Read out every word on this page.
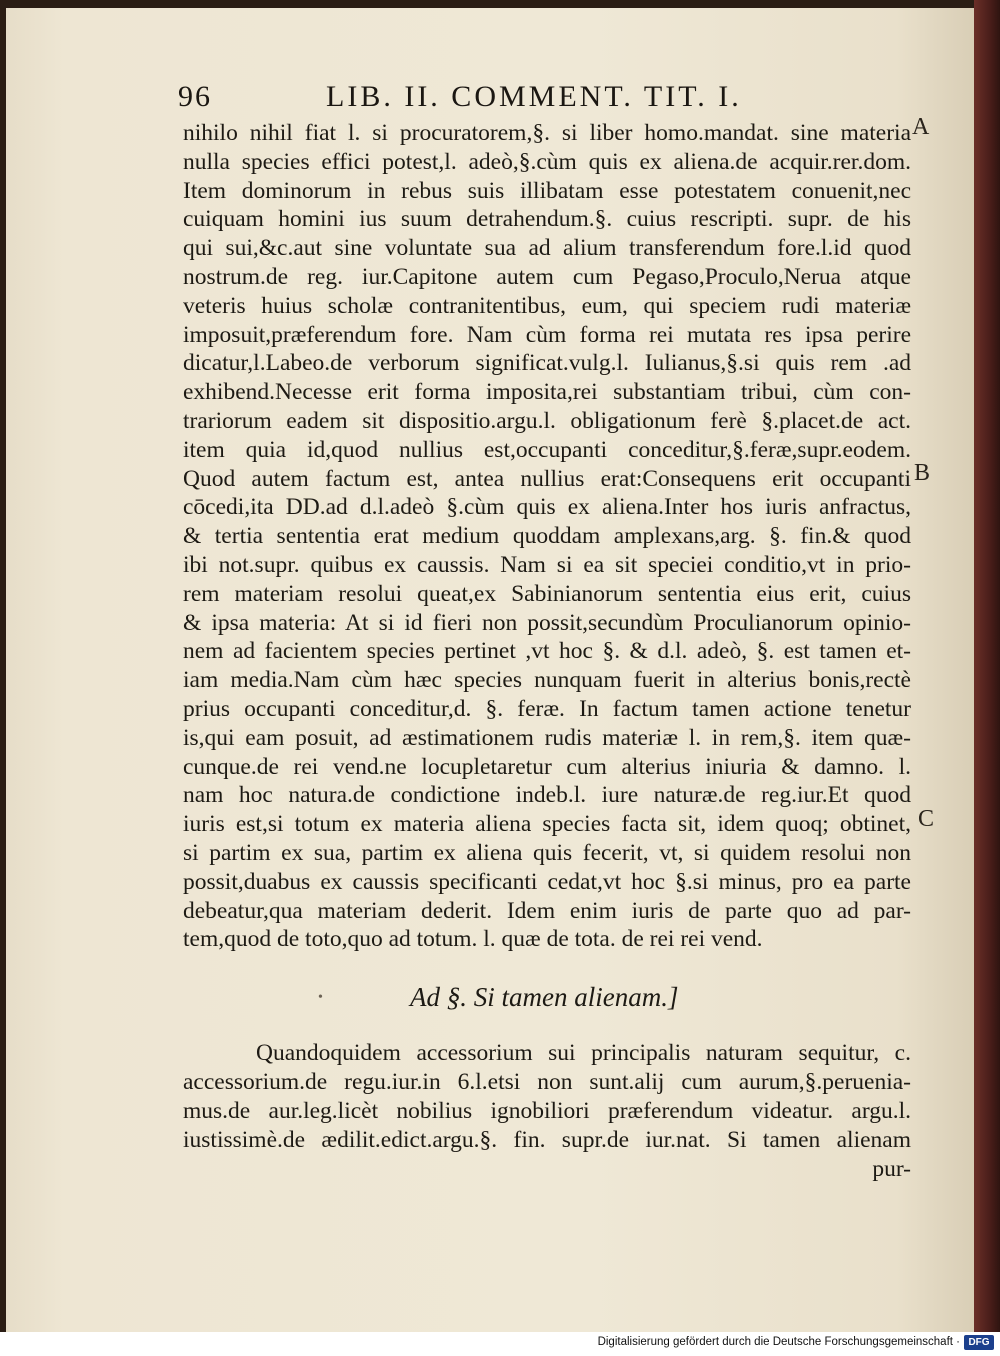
96	LIB. II. COMMENT. TIT. I.
nihilo nihil fiat l. si procuratorem,§. si liber homo.mandat. sine materia
nulla species effici potest,l. adeò,§.cùm quis ex aliena.de acquir.rer.dom.
Item dominorum in rebus suis illibatam esse potestatem conuenit,nec
cuiquam homini ius suum detrahendum.§. cuius rescripti. supr. de his
qui sui,&c.aut sine voluntate sua ad alium transferendum fore.l.id quod
nostrum.de reg. iur.Capitone autem cum Pegaso,Proculo,Nerua atque
veteris huius scholæ contranitentibus, eum, qui speciem rudi materiæ
imposuit,præferendum fore. Nam cùm forma rei mutata res ipsa perire
dicatur,l.Labeo.de verborum significat.vulg.l. Iulianus,§.si quis rem .ad
exhibend.Necesse erit forma imposita,rei substantiam tribui, cùm con-
trariorum eadem sit dispositio.argu.l. obligationum ferè §.placet.de act.
item quia id,quod nullius est,occupanti conceditur,§.feræ,supr.eodem.
Quod autem factum est, antea nullius erat:Consequens erit occupanti
cōcedi,ita DD.ad d.l.adeò §.cùm quis ex aliena.Inter hos iuris anfractus,
& tertia sententia erat medium quoddam amplexans,arg. §. fin.& quod
ibi not.supr. quibus ex caussis. Nam si ea sit speciei conditio,vt in prio-
rem materiam resolui queat,ex Sabinianorum sententia eius erit, cuius
& ipsa materia: At si id fieri non possit,secundùm Proculianorum opinio-
nem ad facientem species pertinet ,vt hoc §. & d.l. adeò, §. est tamen et-
iam media.Nam cùm hæc species nunquam fuerit in alterius bonis,rectè
prius occupanti conceditur,d. §. feræ. In factum tamen actione tenetur
is,qui eam posuit, ad æstimationem rudis materiæ l. in rem,§. item quæ-
cunque.de rei vend.ne locupletaretur cum alterius iniuria & damno. l.
nam hoc natura.de condictione indeb.l. iure naturæ.de reg.iur.Et quod
iuris est,si totum ex materia aliena species facta sit, idem quoq; obtinet,
si partim ex sua, partim ex aliena quis fecerit, vt, si quidem resolui non
possit,duabus ex caussis specificanti cedat,vt hoc §.si minus, pro ea parte
debeatur,qua materiam dederit. Idem enim iuris de parte quo ad par-
tem,quod de toto,quo ad totum. l. quæ de tota. de rei rei vend.
A
B
C
•	Ad §. Si tamen alienam.]
Quandoquidem accessorium sui principalis naturam sequitur, c.
accessorium.de regu.iur.in 6.l.etsi non sunt.alij cum aurum,§.perueniа-
mus.de aur.leg.licèt nobilius ignobiliori præferendum videatur. argu.l.
iustissimè.de ædilit.edict.argu.§. fin. supr.de iur.nat. Si tamen alienam
pur-
Digitalisierung gefördert durch die Deutsche Forschungsgemeinschaft · DFG
